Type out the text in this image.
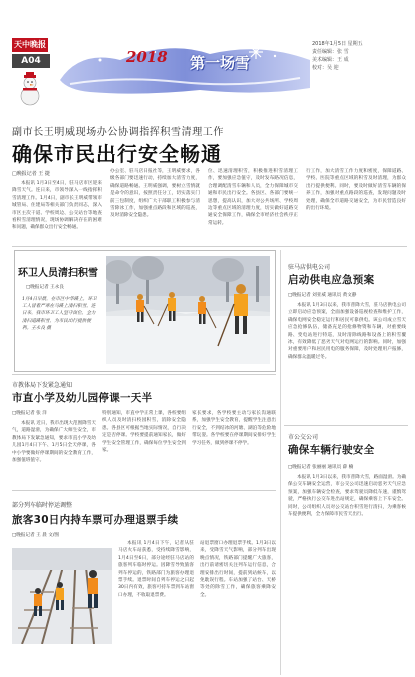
天中晚报
A04	2018 第一场雪
2018年1月5日 星期五
责任编辑：张 雪
美术编辑：王 成
校对：吴 迎
副市长王明威现场办公协调指挥积雪清理工作
确保市民出行安全畅通
□晚报记者 王 捷
本报讯 1月3日至4日，驻马店市区迎来降雪天气。连日来，市领导深入一线指挥积雪清理工作。1月4日，副市长王明威带领市城管局、住建局等相关部门负责同志，深入市区主次干道、学校周边、公交站台等地查看积雪清理情况，现场协调解决存在的困难和问题，确保群众出行安全畅通。
办公室、驻马店日报社等，王明威要求，各级各部门要迅速行动，持续加大清雪力度，确保道路畅通。王明威强调，要树立雪情就是命令的意识，按照责任分工，切实落实门前三包制度，组织广大干部职工积极参与清雪除冰工作，加强重点路段和区域的巡查，及时消除安全隐患。
位、迅速清理积雪，积极推进积雪清理工作，要加强应急值守，及时发布路况信息，合理调配清雪车辆和人员，全力保障城市交通和市民出行安全。各县区、各部门要统一思想，提高认识，加大对公共场所、学校周边等重点区域的清理力度，切实做好道路交通安全保障工作，确保全市经济社会秩序正常运转。
行工作，加大清雪工作力度和密度，保障道路、学校、医院等重点区域的积雪及时清理，为群众出行提供便利。同时，要及时做好清雪车辆的保养工作，加强对重点路段的巡查，发现问题及时处理，确保全市道路交通安全，为市民营造良好的出行环境。
环卫人员清扫积雪
□晚报记者 王永良
1月4日早晨，在市区中华路上，环卫工人冒着严寒在马路上清扫积雪。连日来，我市环卫工人坚守岗位，全力清扫道路积雪，为市民出行提供便利。王永良 摄
驻马店供电公司
启动供电应急预案
□晚报记者 刘亚威 通讯员 黄文静
本报讯 1月3日以来，我市普降大雪，驻马店供电公司立即启动应急预案，全面加强设备巡视检查和维护工作，确保电网安全稳定运行和居民可靠供电。该公司成立雪天应急抢修队伍，储备充足的抢修物资和车辆，对重要线路、变电站进行特巡，及时清除线路和设备上的积雪覆冰，有效降低了恶劣天气对电网运行的影响。同时，加强对重要用户和居民用电的服务保障，及时处理用户报修，确保群众温暖过冬。
市公交公司
确保车辆行驶安全
□晚报记者 张丽丽 通讯员 薛 楠
本报讯 1月3日以来，我市普降大雪，路面湿滑。为确保公交车辆安全运营，市公交公司迅速启动恶劣天气应急预案，加强车辆安全检查，要求驾驶员降低车速，谨慎驾驶，严格执行公交车进出站规定，确保乘客上下车安全。同时，公司组织人员对公交站台积雪进行清扫，为乘客候车提供便利，全力保障市民雪天出行。
市教体局下发紧急通知
市直小学及幼儿园停课一天半
□晚报记者 张 洋
本报讯 近日，我市出现大范围降雪天气，道路湿滑，为确保广大师生安全，市教体局下发紧急通知，要求市直小学及幼儿园1月4日下午、1月5日全天停课，各中小学要做好停课期间的安全教育工作，加强值班值守。
特别通知，市直中学正常上课，各校要组织人员及时清扫校园积雪，消除安全隐患。各县区可根据当地实际情况，自行决定是否停课。学校要提前通知家长，做好学生安全管理工作，确保每位学生安全到家。
家长要求，各学校要主动与家长沟通联系，加强学生安全教育，提醒学生注意出行安全，不到结冰的河塘、湖泊等危险地带玩耍。各学校要在停课期间安排好学生学习任务，做到停课不停学。
部分列车临时停运调整
旅客30日内持车票可办理退票手续
□晚报记者 王 晨 文/图
本报讯 1月4日下午，记者从驻马店火车站获悉，受持续降雪影响，1月4日至6日，部分途经驻马店站的旅客列车临时停运。因降雪导致旅客列车停运的，铁路部门为旅客办理退票手续。退票时间自列车停运之日起30日内有效，旅客可持车票到车站窗口办理，不收取退票费。
站退票窗口办理退票手续。1月3日以来，受降雪天气影响，部分列车出现晚点情况，铁路部门提醒广大旅客，出行前请密切关注列车运行信息，合理安排出行时间，提前到站候车，以免耽误行程。车站加强了站台、天桥等处的除雪工作，确保旅客乘降安全。
